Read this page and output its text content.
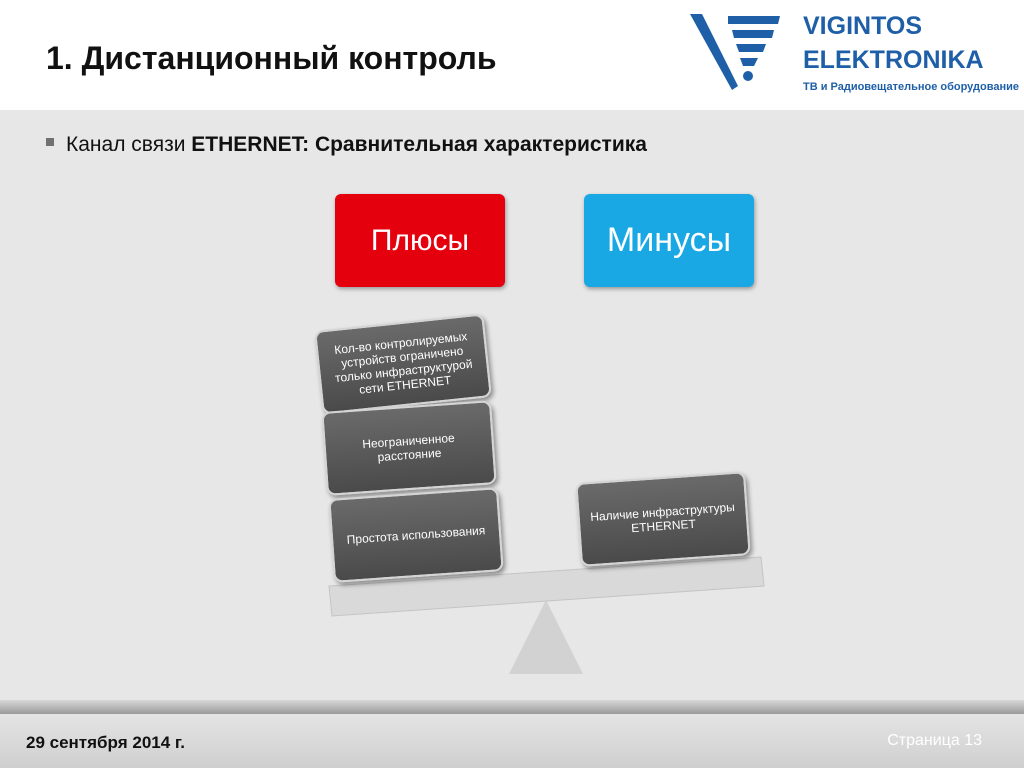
1. Дистанционный контроль
VIGINTOS
ELEKTRONIKA
ТВ и Радиовещательное оборудование
Канал связи ETHERNET: Сравнительная характеристика
Плюсы	Минусы
Кол-во контролируемых устройств ограничено только инфраструктурой сети ETHERNET
Неограниченное расстояние
Простота использования
Наличие инфраструктуры ETHERNET
29 сентября 2014 г.	Страница 13
